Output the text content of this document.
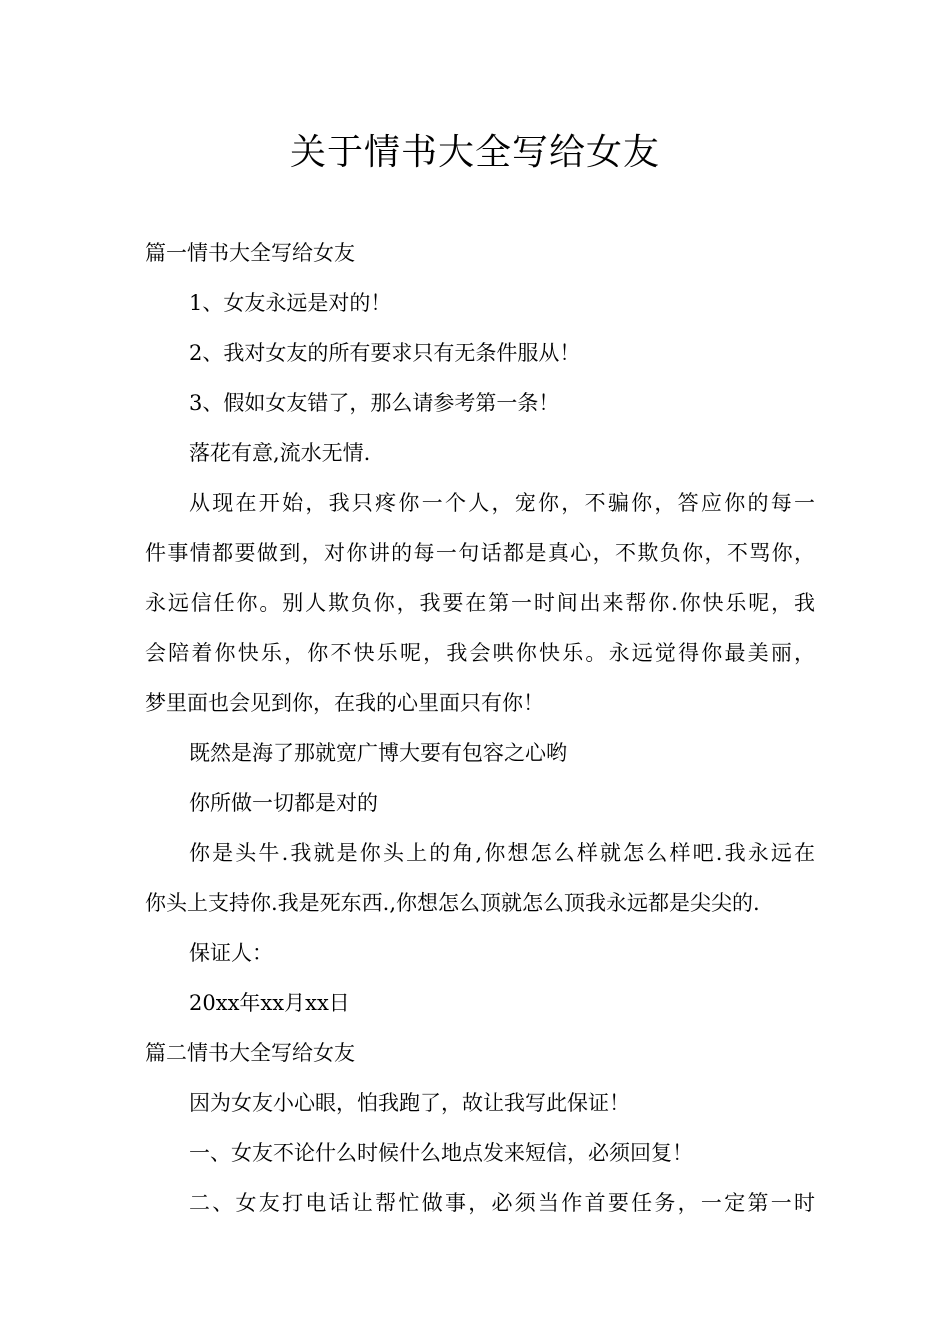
关于情书大全写给女友
篇一情书大全写给女友
1、女友永远是对的！
2、我对女友的所有要求只有无条件服从！
3、假如女友错了，那么请参考第一条！
落花有意,流水无情.
从现在开始，我只疼你一个人，宠你，不骗你，答应你的每一
件事情都要做到，对你讲的每一句话都是真心，不欺负你，不骂你，
永远信任你。别人欺负你，我要在第一时间出来帮你.你快乐呢，我
会陪着你快乐，你不快乐呢，我会哄你快乐。永远觉得你最美丽，
梦里面也会见到你，在我的心里面只有你！
既然是海了那就宽广博大要有包容之心哟
你所做一切都是对的
你是头牛.我就是你头上的角,你想怎么样就怎么样吧.我永远在
你头上支持你.我是死东西.,你想怎么顶就怎么顶我永远都是尖尖的.
保证人：
20xx年xx月xx日
篇二情书大全写给女友
因为女友小心眼，怕我跑了，故让我写此保证！
一、女友不论什么时候什么地点发来短信，必须回复！
二、女友打电话让帮忙做事，必须当作首要任务，一定第一时
